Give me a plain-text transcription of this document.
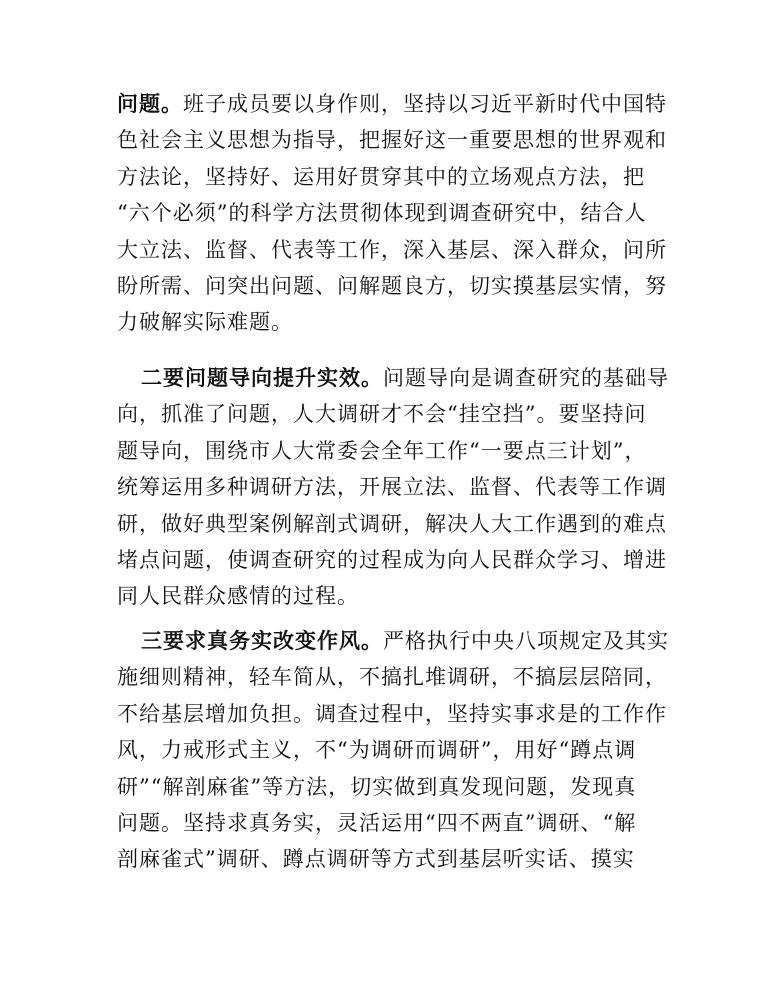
问题。班子成员要以身作则，坚持以习近平新时代中国特
色社会主义思想为指导，把握好这一重要思想的世界观和
方法论，坚持好、运用好贯穿其中的立场观点方法，把
“六个必须”的科学方法贯彻体现到调查研究中，结合人
大立法、监督、代表等工作，深入基层、深入群众，问所
盼所需、问突出问题、问解题良方，切实摸基层实情，努
力破解实际难题。
二要问题导向提升实效。问题导向是调查研究的基础导
向，抓准了问题，人大调研才不会“挂空挡”。要坚持问
题导向，围绕市人大常委会全年工作“一要点三计划”，
统筹运用多种调研方法，开展立法、监督、代表等工作调
研，做好典型案例解剖式调研，解决人大工作遇到的难点
堵点问题，使调查研究的过程成为向人民群众学习、增进
同人民群众感情的过程。
三要求真务实改变作风。严格执行中央八项规定及其实
施细则精神，轻车简从，不搞扎堆调研，不搞层层陪同，
不给基层增加负担。调查过程中，坚持实事求是的工作作
风，力戒形式主义，不“为调研而调研”，用好“蹲点调
研”“解剖麻雀”等方法，切实做到真发现问题，发现真
问题。坚持求真务实，灵活运用“四不两直”调研、“解
剖麻雀式”调研、蹲点调研等方式到基层听实话、摸实
